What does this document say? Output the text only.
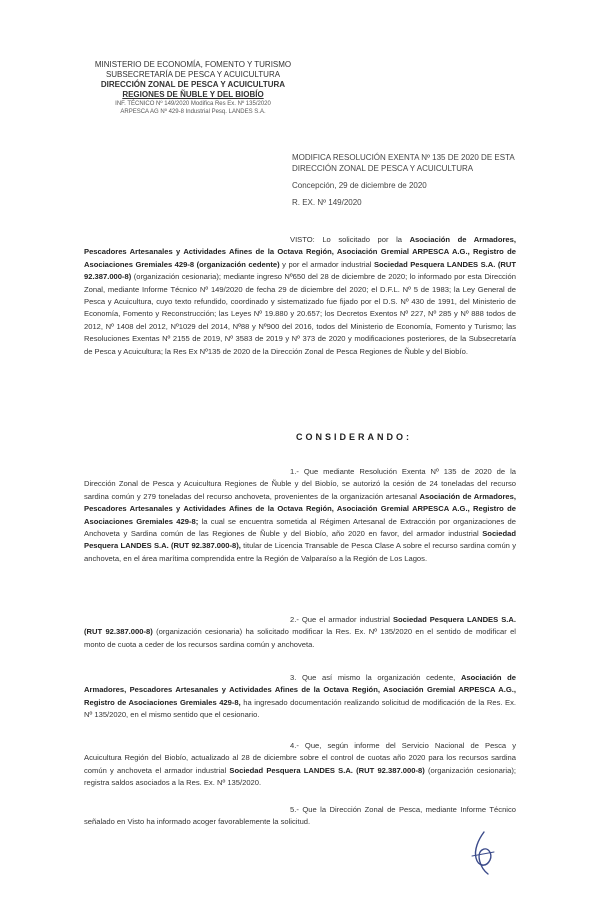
MINISTERIO DE ECONOMÍA, FOMENTO Y TURISMO
SUBSECRETARÍA DE PESCA Y ACUICULTURA
DIRECCIÓN ZONAL DE PESCA Y ACUICULTURA
REGIONES DE ÑUBLE Y DEL BIOBÍO
INF. TÉCNICO Nº 149/2020 Modifica Res Ex. Nº 135/2020
ARPESCA AG Nº 429-8 Industrial Pesq. LANDES S.A.
MODIFICA RESOLUCIÓN EXENTA Nº 135 DE 2020 DE ESTA DIRECCIÓN ZONAL DE PESCA Y ACUICULTURA
Concepción, 29 de diciembre de 2020
R. EX. Nº 149/2020
VISTO: Lo solicitado por la Asociación de Armadores, Pescadores Artesanales y Actividades Afines de la Octava Región, Asociación Gremial ARPESCA A.G., Registro de Asociaciones Gremiales 429-8 (organización cedente) y por el armador industrial Sociedad Pesquera LANDES S.A. (RUT 92.387.000-8) (organización cesionaria); mediante ingreso Nº650 del 28 de diciembre de 2020; lo informado por esta Dirección Zonal, mediante Informe Técnico Nº 149/2020 de fecha 29 de diciembre del 2020; el D.F.L. Nº 5 de 1983; la Ley General de Pesca y Acuicultura, cuyo texto refundido, coordinado y sistematizado fue fijado por el D.S. Nº 430 de 1991, del Ministerio de Economía, Fomento y Reconstrucción; las Leyes Nº 19.880 y 20.657; los Decretos Exentos Nº 227, Nº 285 y Nº 888 todos de 2012, Nº 1408 del 2012, Nº1029 del 2014, Nº88 y Nº900 del 2016, todos del Ministerio de Economía, Fomento y Turismo; las Resoluciones Exentas Nº 2155 de 2019, Nº 3583 de 2019 y Nº 373 de 2020 y modificaciones posteriores, de la Subsecretaría de Pesca y Acuicultura; la Res Ex Nº135 de 2020 de la Dirección Zonal de Pesca Regiones de Ñuble y del Biobío.
CONSIDERANDO:
1.- Que mediante Resolución Exenta Nº 135 de 2020 de la Dirección Zonal de Pesca y Acuicultura Regiones de Ñuble y del Biobío, se autorizó la cesión de 24 toneladas del recurso sardina común y 279 toneladas del recurso anchoveta, provenientes de la organización artesanal Asociación de Armadores, Pescadores Artesanales y Actividades Afines de la Octava Región, Asociación Gremial ARPESCA A.G., Registro de Asociaciones Gremiales 429-8; la cual se encuentra sometida al Régimen Artesanal de Extracción por organizaciones de Anchoveta y Sardina común de las Regiones de Ñuble y del Biobío, año 2020 en favor, del armador industrial Sociedad Pesquera LANDES S.A. (RUT 92.387.000-8), titular de Licencia Transable de Pesca Clase A sobre el recurso sardina común y anchoveta, en el área marítima comprendida entre la Región de Valparaíso a la Región de Los Lagos.
2.- Que el armador industrial Sociedad Pesquera LANDES S.A. (RUT 92.387.000-8) (organización cesionaria) ha solicitado modificar la Res. Ex. Nº 135/2020 en el sentido de modificar el monto de cuota a ceder de los recursos sardina común y anchoveta.
3. Que así mismo la organización cedente, Asociación de Armadores, Pescadores Artesanales y Actividades Afines de la Octava Región, Asociación Gremial ARPESCA A.G., Registro de Asociaciones Gremiales 429-8, ha ingresado documentación realizando solicitud de modificación de la Res. Ex. Nº 135/2020, en el mismo sentido que el cesionario.
4.- Que, según informe del Servicio Nacional de Pesca y Acuicultura Región del Biobío, actualizado al 28 de diciembre sobre el control de cuotas año 2020 para los recursos sardina común y anchoveta el armador industrial Sociedad Pesquera LANDES S.A. (RUT 92.387.000-8) (organización cesionaria); registra saldos asociados a la Res. Ex. Nº 135/2020.
5.- Que la Dirección Zonal de Pesca, mediante Informe Técnico señalado en Visto ha informado acoger favorablemente la solicitud.
